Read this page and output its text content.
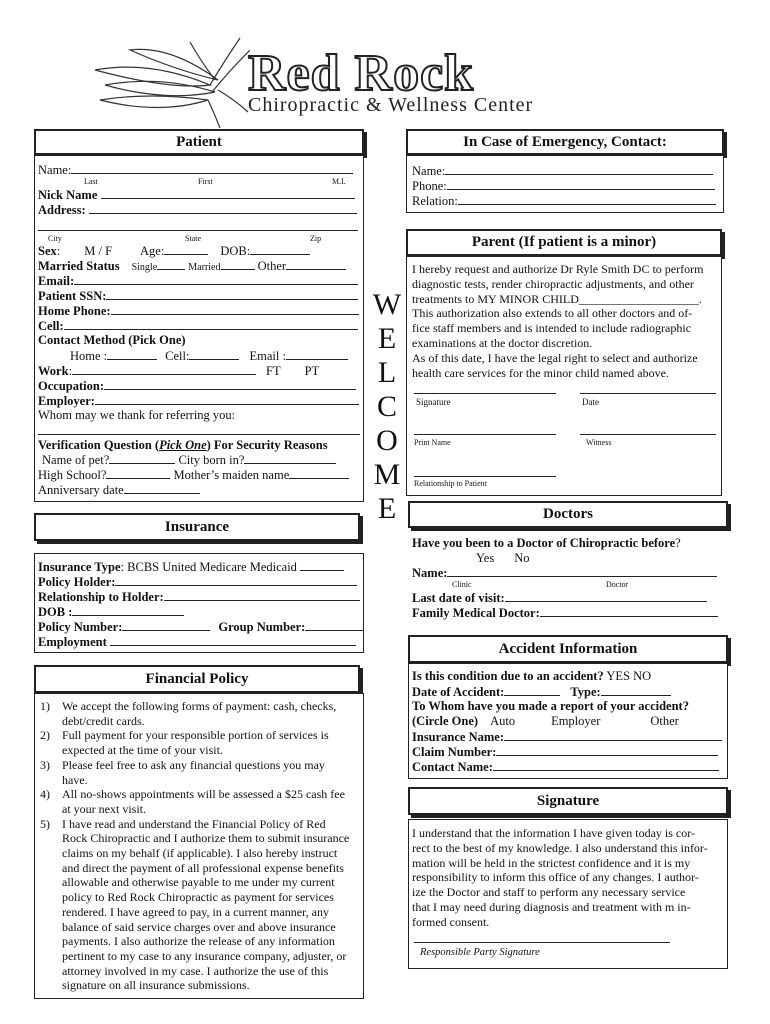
Red Rock
Chiropractic & Wellness Center
W
E
L
C
O
M
E
Patient
Name:
Last	First	M.I.
Nick Name
Address:
City	State	Zip
Sex: M / F Age:	DOB:
Married Status Single	Married	Other
Email:
Patient SSN:
Home Phone:
Cell:
Contact Method (Pick One)
Home :	Cell:	Email :
Work:	FT PT
Occupation:
Employer:
Whom may we thank for referring you:
Verification Question (Pick One) For Security Reasons
Name of pet?	City born in?
High School?	Mother’s maiden name
Anniversary date
In Case of Emergency, Contact:
Name:
Phone:
Relation:
Parent (If patient is a minor)
I hereby request and authorize Dr Ryle Smith DC to perform
diagnostic tests, render chiropractic adjustments, and other
treatments to MY MINOR CHILD____________________.
This authorization also extends to all other doctors and of-
fice staff members and is intended to include radiographic
examinations at the doctor discretion.
As of this date, I have the legal right to select and authorize
health care services for the minor child named above.
Signature	Date
Print Name	Witness
Relationship to Patient
Insurance
Insurance Type: BCBS United Medicare Medicaid
Policy Holder:
Relationship to Holder:
DOB :
Policy Number:	Group Number:
Employment
Doctors
Have you been to a Doctor of Chiropractic before?
Yes No
Name:
Clinic	Doctor
Last date of visit:
Family Medical Doctor:
Financial Policy
1) We accept the following forms of payment: cash, checks,
debt/credit cards.
2) Full payment for your responsible portion of services is
expected at the time of your visit.
3) Please feel free to ask any financial questions you may
have.
4) All no-shows appointments will be assessed a $25 cash fee
at your next visit.
5) I have read and understand the Financial Policy of Red
Rock Chiropractic and I authorize them to submit insurance
claims on my behalf (if applicable). I also hereby instruct
and direct the payment of all professional expense benefits
allowable and otherwise payable to me under my current
policy to Red Rock Chiropractic as payment for services
rendered. I have agreed to pay, in a current manner, any
balance of said service charges over and above insurance
payments. I also authorize the release of any information
pertinent to my case to any insurance company, adjuster, or
attorney involved in my case. I authorize the use of this
signature on all insurance submissions.
Accident Information
Is this condition due to an accident? YES NO
Date of Accident:	Type:
To Whom have you made a report of your accident?
(Circle One) Auto	Employer	Other
Insurance Name:
Claim Number:
Contact Name:
Signature
I understand that the information I have given today is cor-
rect to the best of my knowledge. I also understand this infor-
mation will be held in the strictest confidence and it is my
responsibility to inform this office of any changes. I author-
ize the Doctor and staff to perform any necessary service
that I may need during diagnosis and treatment with m in-
formed consent.
Responsible Party Signature
